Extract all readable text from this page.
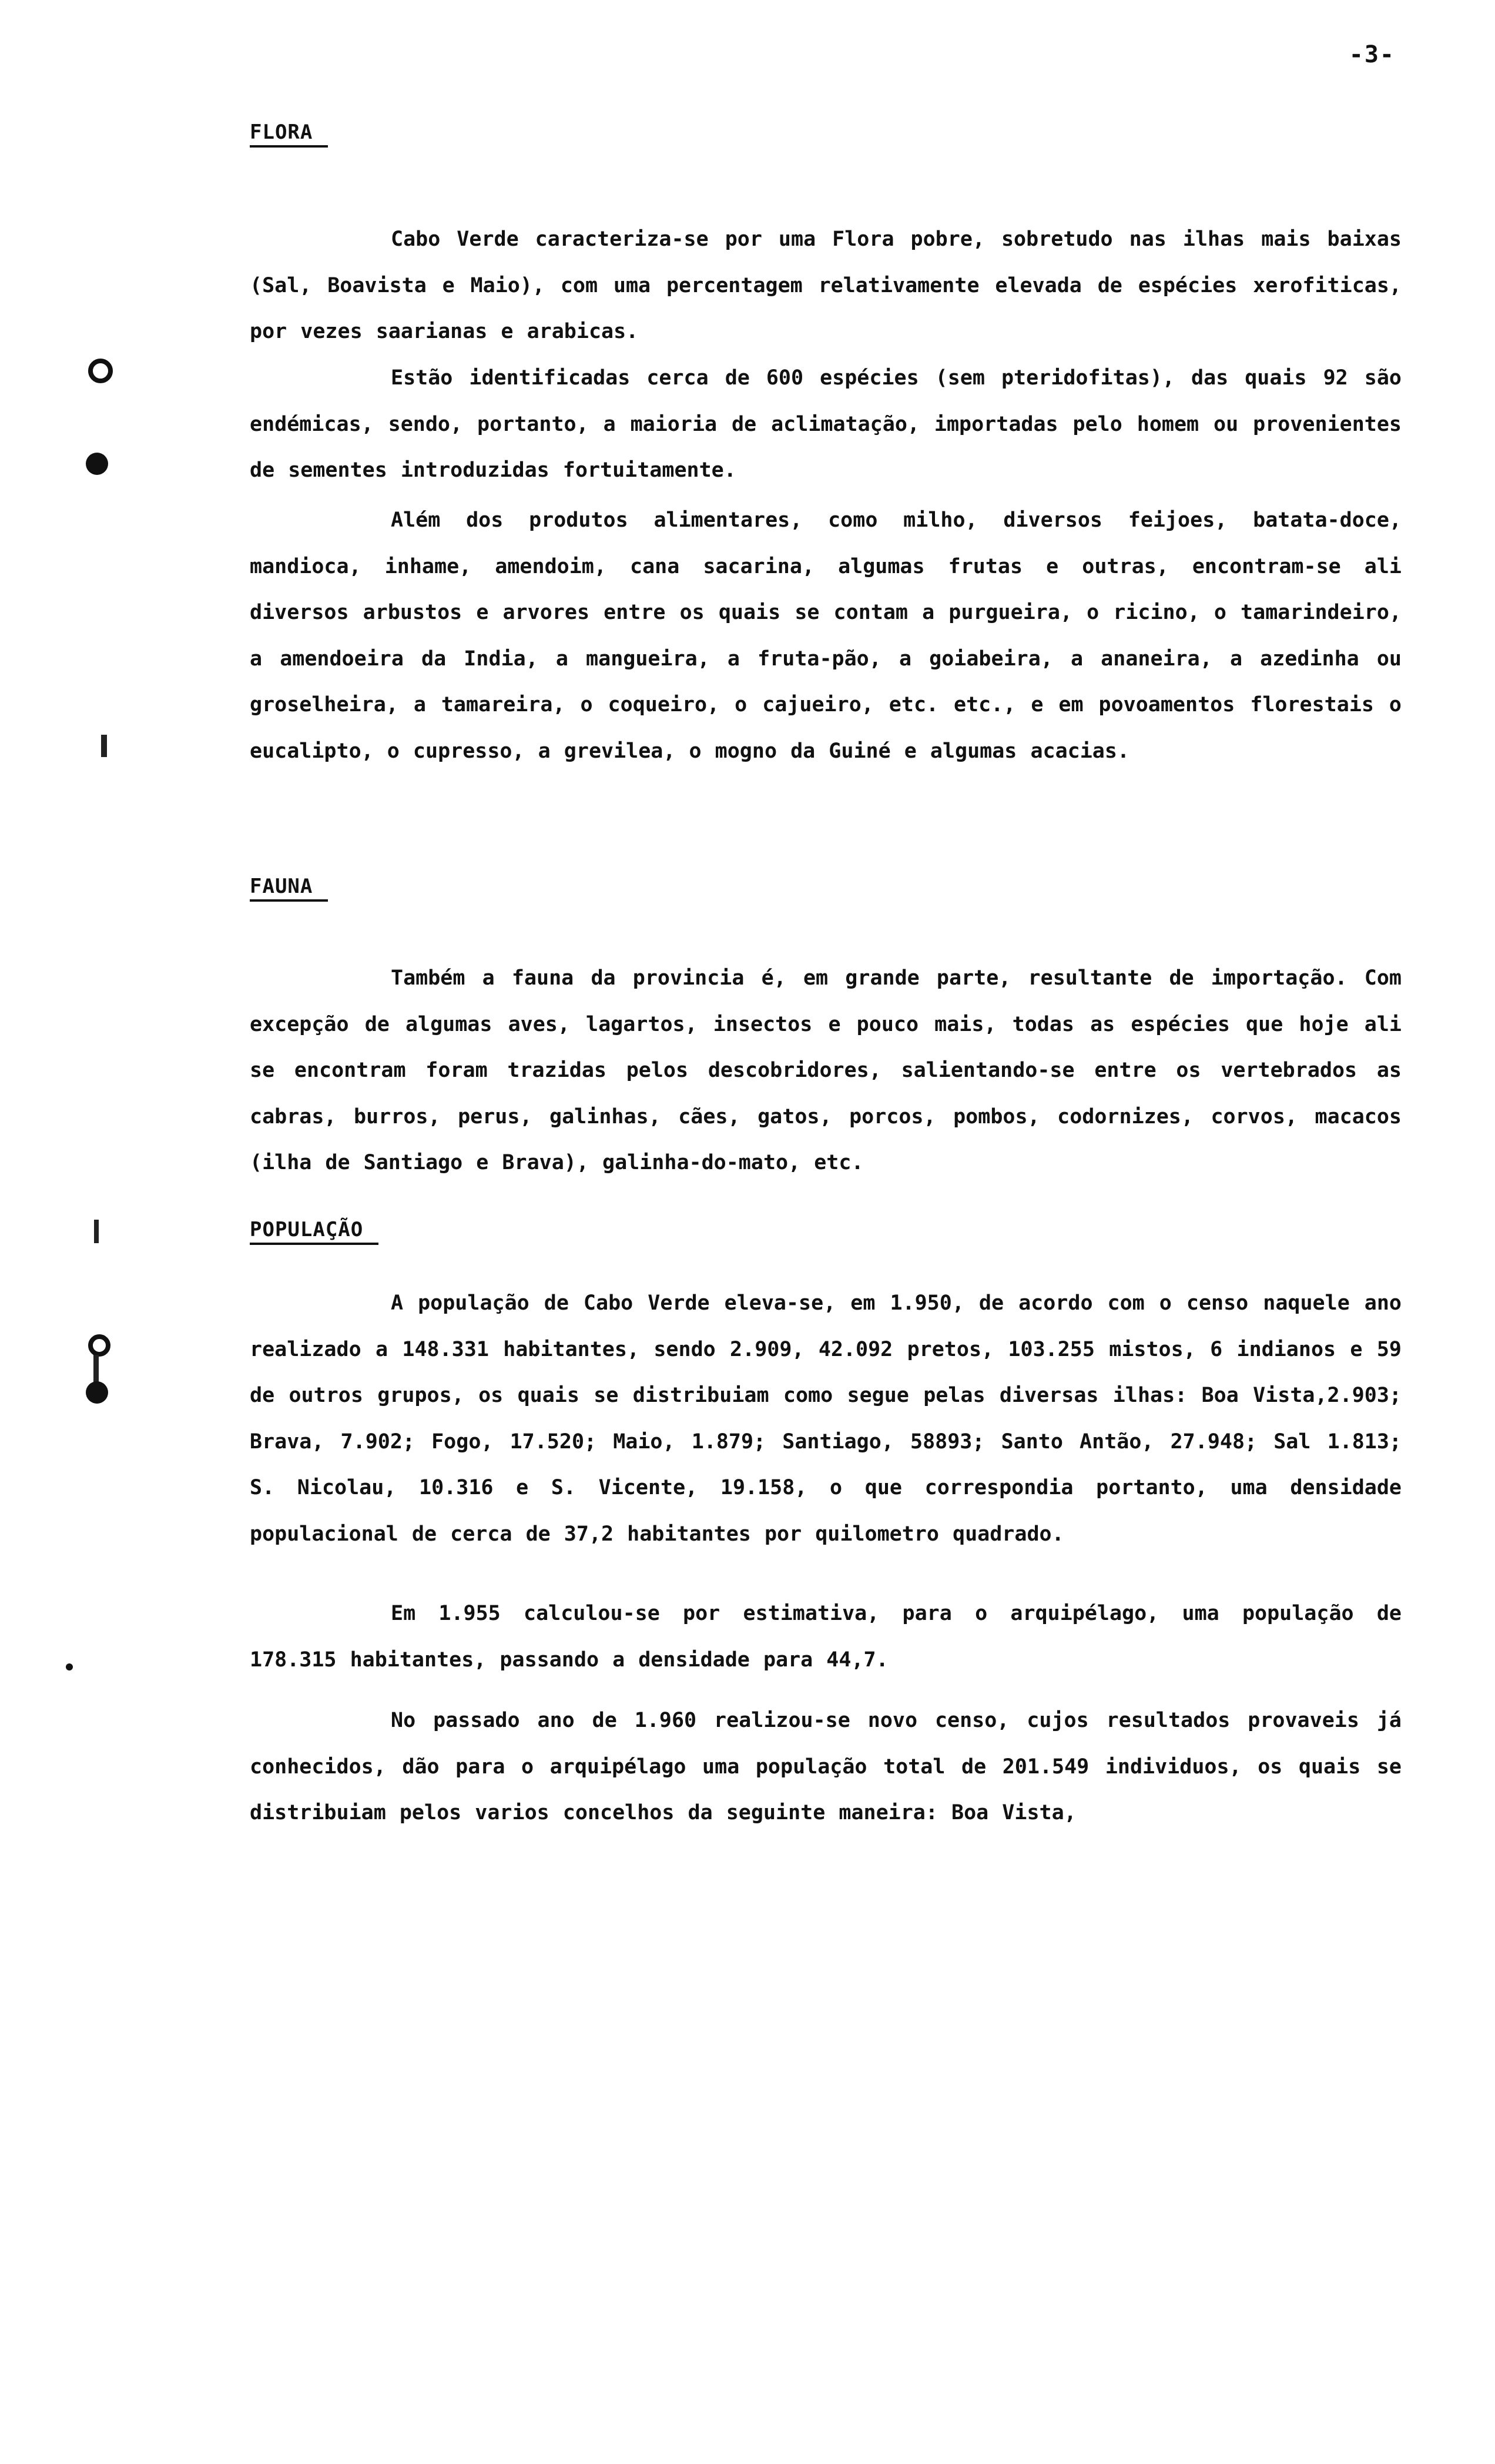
-3-
FLORA

Cabo Verde caracteriza-se por uma Flora pobre, sobretudo nas ilhas mais baixas (Sal, Boavista e Maio), com uma percentagem relativamente elevada de espécies xerofiticas, por vezes saarianas e arabicas.

Estão identificadas cerca de 600 espécies (sem pteridofitas), das quais 92 são endémicas, sendo, portanto, a maioria de aclimatação, importadas pelo homem ou provenientes de sementes introduzidas fortuitamente.

Além dos produtos alimentares, como milho, diversos feijoes, batata-doce, mandioca, inhame, amendoim, cana sacarina, algumas frutas e outras, encontram-se ali diversos arbustos e arvores entre os quais se contam a purgueira, o ricino, o tamarindeiro, a amendoeira da India, a mangueira, a fruta-pão, a goiabeira, a ananeira, a azedinha ou groselheira, a tamareira, o coqueiro, o cajueiro, etc. etc., e em povoamentos florestais o eucalipto, o cupresso, a grevilea, o mogno da Guiné e algumas acacias.

FAUNA

Também a fauna da provincia é, em grande parte, resultante de importação. Com excepção de algumas aves, lagartos, insectos e pouco mais, todas as espécies que hoje ali se encontram foram trazidas pelos descobridores, salientando-se entre os vertebrados as cabras, burros, perus, galinhas, cães, gatos, porcos, pombos, codornizes, corvos, macacos (ilha de Santiago e Brava), galinha-do-mato, etc.

POPULAÇÃO

A população de Cabo Verde eleva-se, em 1.950, de acordo com o censo naquele ano realizado a 148.331 habitantes, sendo 2.909, 42.092 pretos, 103.255 mistos, 6 indianos e 59 de outros grupos, os quais se distribuiam como segue pelas diversas ilhas: Boa Vista,2.903; Brava, 7.902; Fogo, 17.520; Maio, 1.879; Santiago, 58893; Santo Antão, 27.948; Sal 1.813; S. Nicolau, 10.316 e S. Vicente, 19.158, o que correspondia portanto, uma densidade populacional de cerca de 37,2 habitantes por quilometro quadrado.

Em 1.955 calculou-se por estimativa, para o arquipélago, uma população de 178.315 habitantes, passando a densidade para 44,7.

No passado ano de 1.960 realizou-se novo censo, cujos resultados provaveis já conhecidos, dão para o arquipélago uma população total de 201.549 individuos, os quais se distribuiam pelos varios concelhos da seguinte maneira: Boa Vista,
